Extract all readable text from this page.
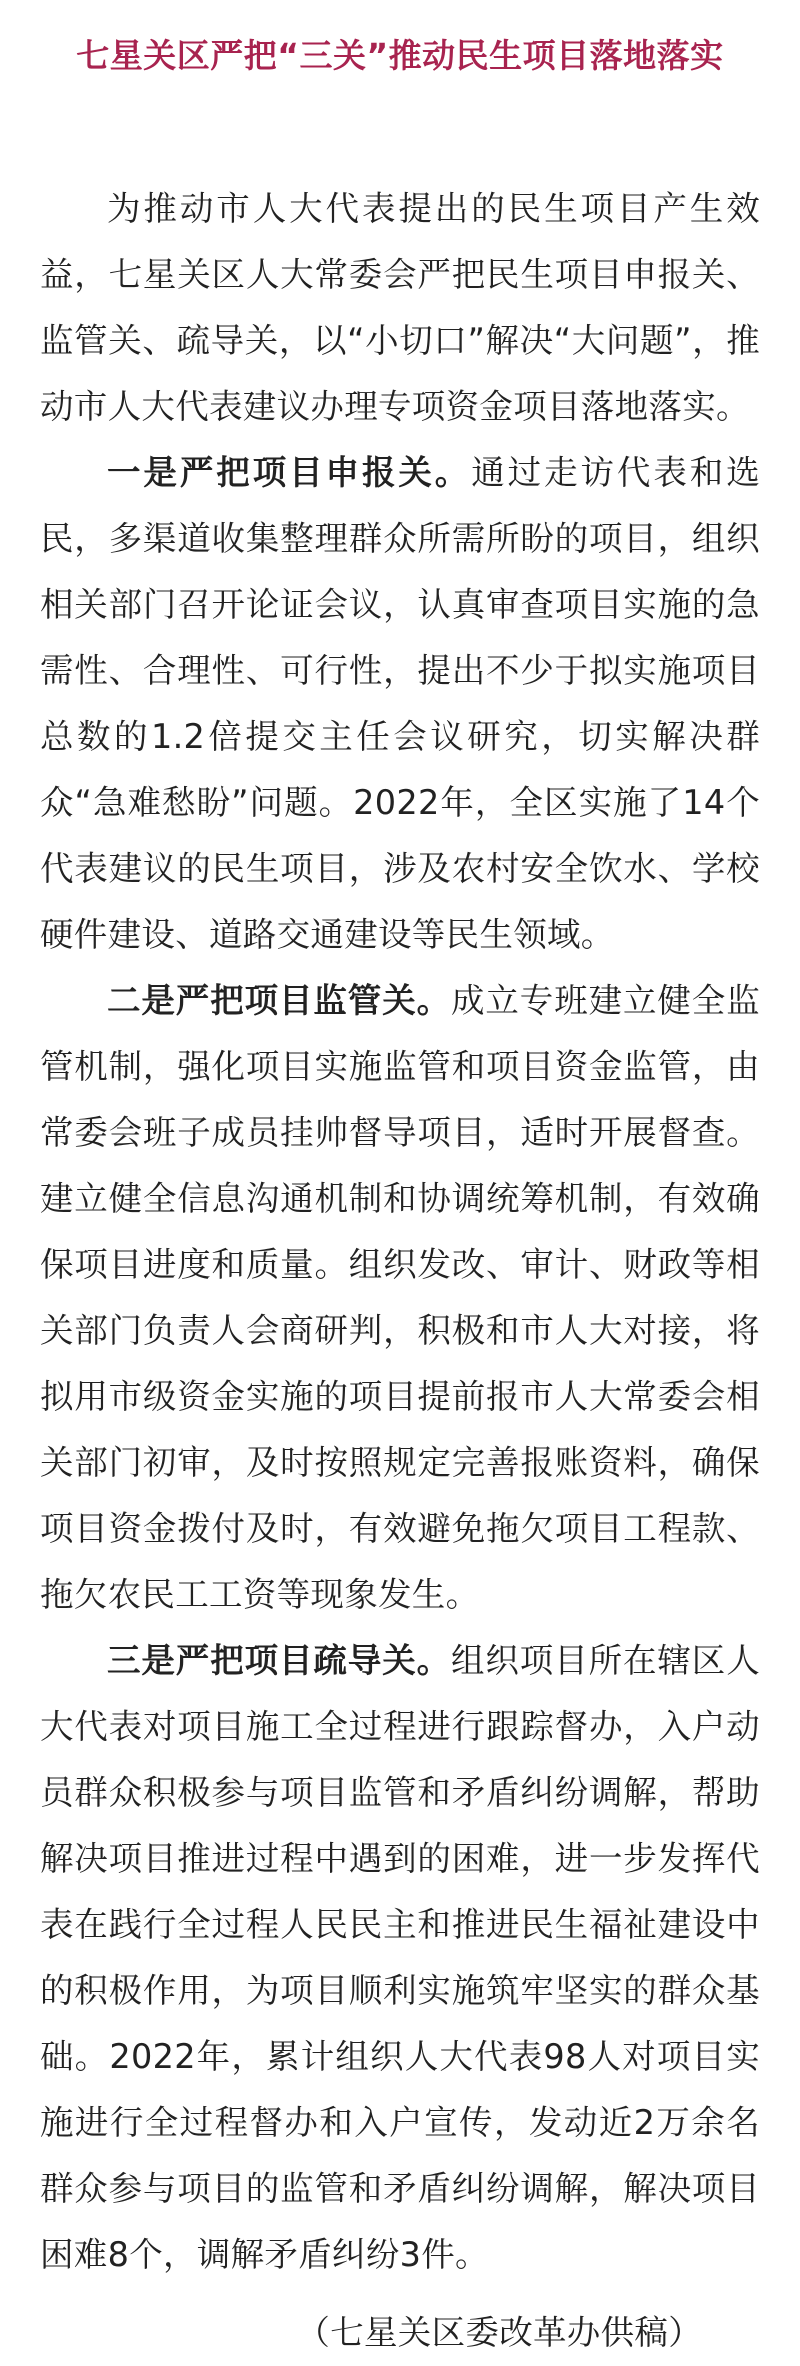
七星关区严把“三关”推动民生项目落地落实

为推动市人大代表提出的民生项目产生效益，七星关区人大常委会严把民生项目申报关、监管关、疏导关，以“小切口”解决“大问题”，推动市人大代表建议办理专项资金项目落地落实。

一是严把项目申报关。通过走访代表和选民，多渠道收集整理群众所需所盼的项目，组织相关部门召开论证会议，认真审查项目实施的急需性、合理性、可行性，提出不少于拟实施项目总数的1.2倍提交主任会议研究，切实解决群众“急难愁盼”问题。2022年，全区实施了14个代表建议的民生项目，涉及农村安全饮水、学校硬件建设、道路交通建设等民生领域。

二是严把项目监管关。成立专班建立健全监管机制，强化项目实施监管和项目资金监管，由常委会班子成员挂帅督导项目，适时开展督查。建立健全信息沟通机制和协调统筹机制，有效确保项目进度和质量。组织发改、审计、财政等相关部门负责人会商研判，积极和市人大对接，将拟用市级资金实施的项目提前报市人大常委会相关部门初审，及时按照规定完善报账资料，确保项目资金拨付及时，有效避免拖欠项目工程款、拖欠农民工工资等现象发生。

三是严把项目疏导关。组织项目所在辖区人大代表对项目施工全过程进行跟踪督办，入户动员群众积极参与项目监管和矛盾纠纷调解，帮助解决项目推进过程中遇到的困难，进一步发挥代表在践行全过程人民民主和推进民生福祉建设中的积极作用，为项目顺利实施筑牢坚实的群众基础。2022年，累计组织人大代表98人对项目实施进行全过程督办和入户宣传，发动近2万余名群众参与项目的监管和矛盾纠纷调解，解决项目困难8个，调解矛盾纠纷3件。

（七星关区委改革办供稿）
